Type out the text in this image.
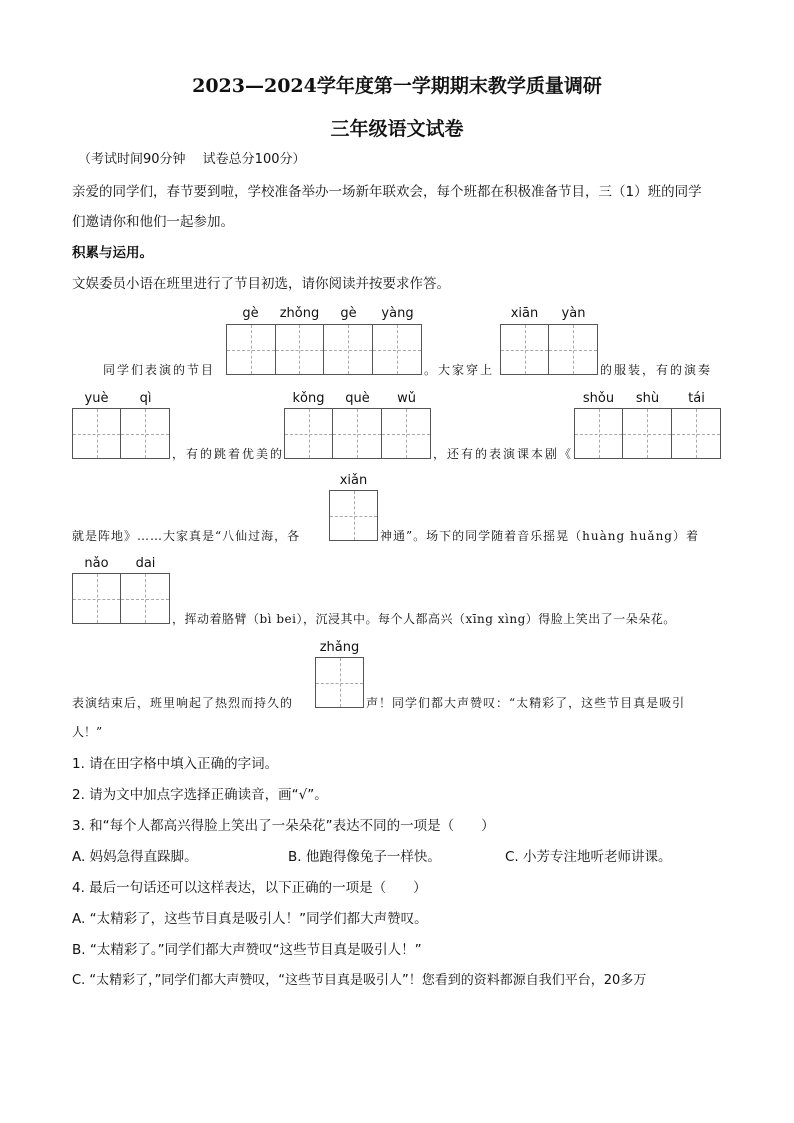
2023—2024学年度第一学期期末教学质量调研
三年级语文试卷
（考试时间90分钟　 试卷总分100分）
亲爱的同学们，春节要到啦，学校准备举办一场新年联欢会，每个班都在积极准备节目，三（1）班的同学
们邀请你和他们一起参加。
积累与运用。
文娱委员小语在班里进行了节目初选，请你阅读并按要求作答。
gè	zhǒng	gè	yàng	xiān	yàn
同学们表演的节目	。大家穿上	的服装，有的演奏
yuè	qì	kǒng	què	wǔ	shǒu	shù	tái
，有的跳着优美的	，还有的表演课本剧《
xiǎn
就是阵地》……大家真是“八仙过海，各	神通”。场下的同学随着音乐摇晃（huàng huǎng）着
nǎo	dai
，挥动着胳臂（bì bei），沉浸其中。每个人都高兴（xīng xìng）得脸上笑出了一朵朵花。
zhǎng
表演结束后，班里响起了热烈而持久的	声！同学们都大声赞叹：“太精彩了，这些节目真是吸引
人！”
1. 请在田字格中填入正确的字词。
2. 请为文中加点字选择正确读音，画“√”。
3. 和“每个人都高兴得脸上笑出了一朵朵花”表达不同的一项是（　　）
A. 妈妈急得直跺脚。	B. 他跑得像兔子一样快。	C. 小芳专注地听老师讲课。
4. 最后一句话还可以这样表达，以下正确的一项是（　　）
A. “太精彩了，这些节目真是吸引人！”同学们都大声赞叹。
B. “太精彩了。”同学们都大声赞叹“这些节目真是吸引人！”
C. “太精彩了，”同学们都大声赞叹，“这些节目真是吸引人”！您看到的资料都源自我们平台，20多万
